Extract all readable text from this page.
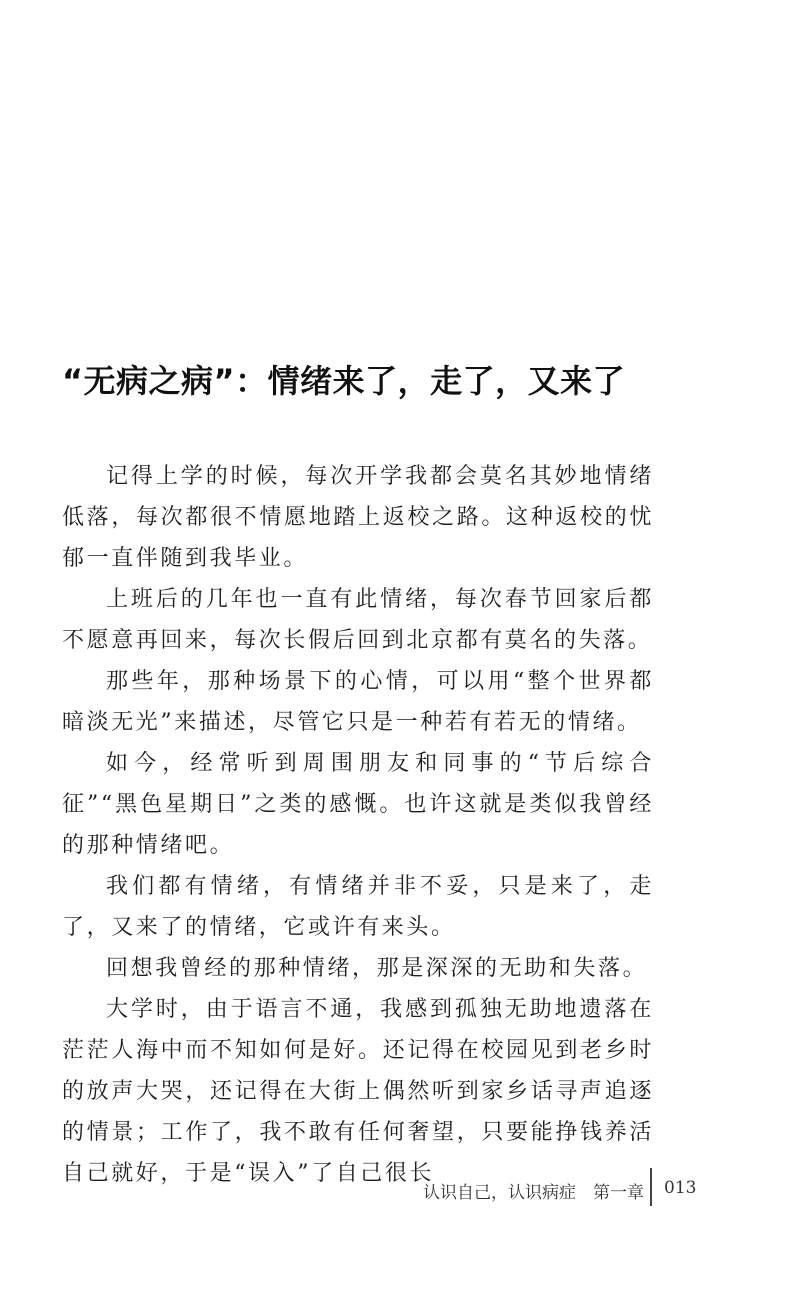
“无病之病”：情绪来了，走了，又来了

记得上学的时候，每次开学我都会莫名其妙地情绪低落，每次都很不情愿地踏上返校之路。这种返校的忧郁一直伴随到我毕业。

上班后的几年也一直有此情绪，每次春节回家后都不愿意再回来，每次长假后回到北京都有莫名的失落。

那些年，那种场景下的心情，可以用“整个世界都暗淡无光”来描述，尽管它只是一种若有若无的情绪。

如今，经常听到周围朋友和同事的“节后综合征”“黑色星期日”之类的感慨。也许这就是类似我曾经的那种情绪吧。

我们都有情绪，有情绪并非不妥，只是来了，走了，又来了的情绪，它或许有来头。

回想我曾经的那种情绪，那是深深的无助和失落。

大学时，由于语言不通，我感到孤独无助地遗落在茫茫人海中而不知如何是好。还记得在校园见到老乡时的放声大哭，还记得在大街上偶然听到家乡话寻声追逐的情景；工作了，我不敢有任何奢望，只要能挣钱养活自己就好，于是“误入”了自己很长

认识自己，认识病症　第一章 013
